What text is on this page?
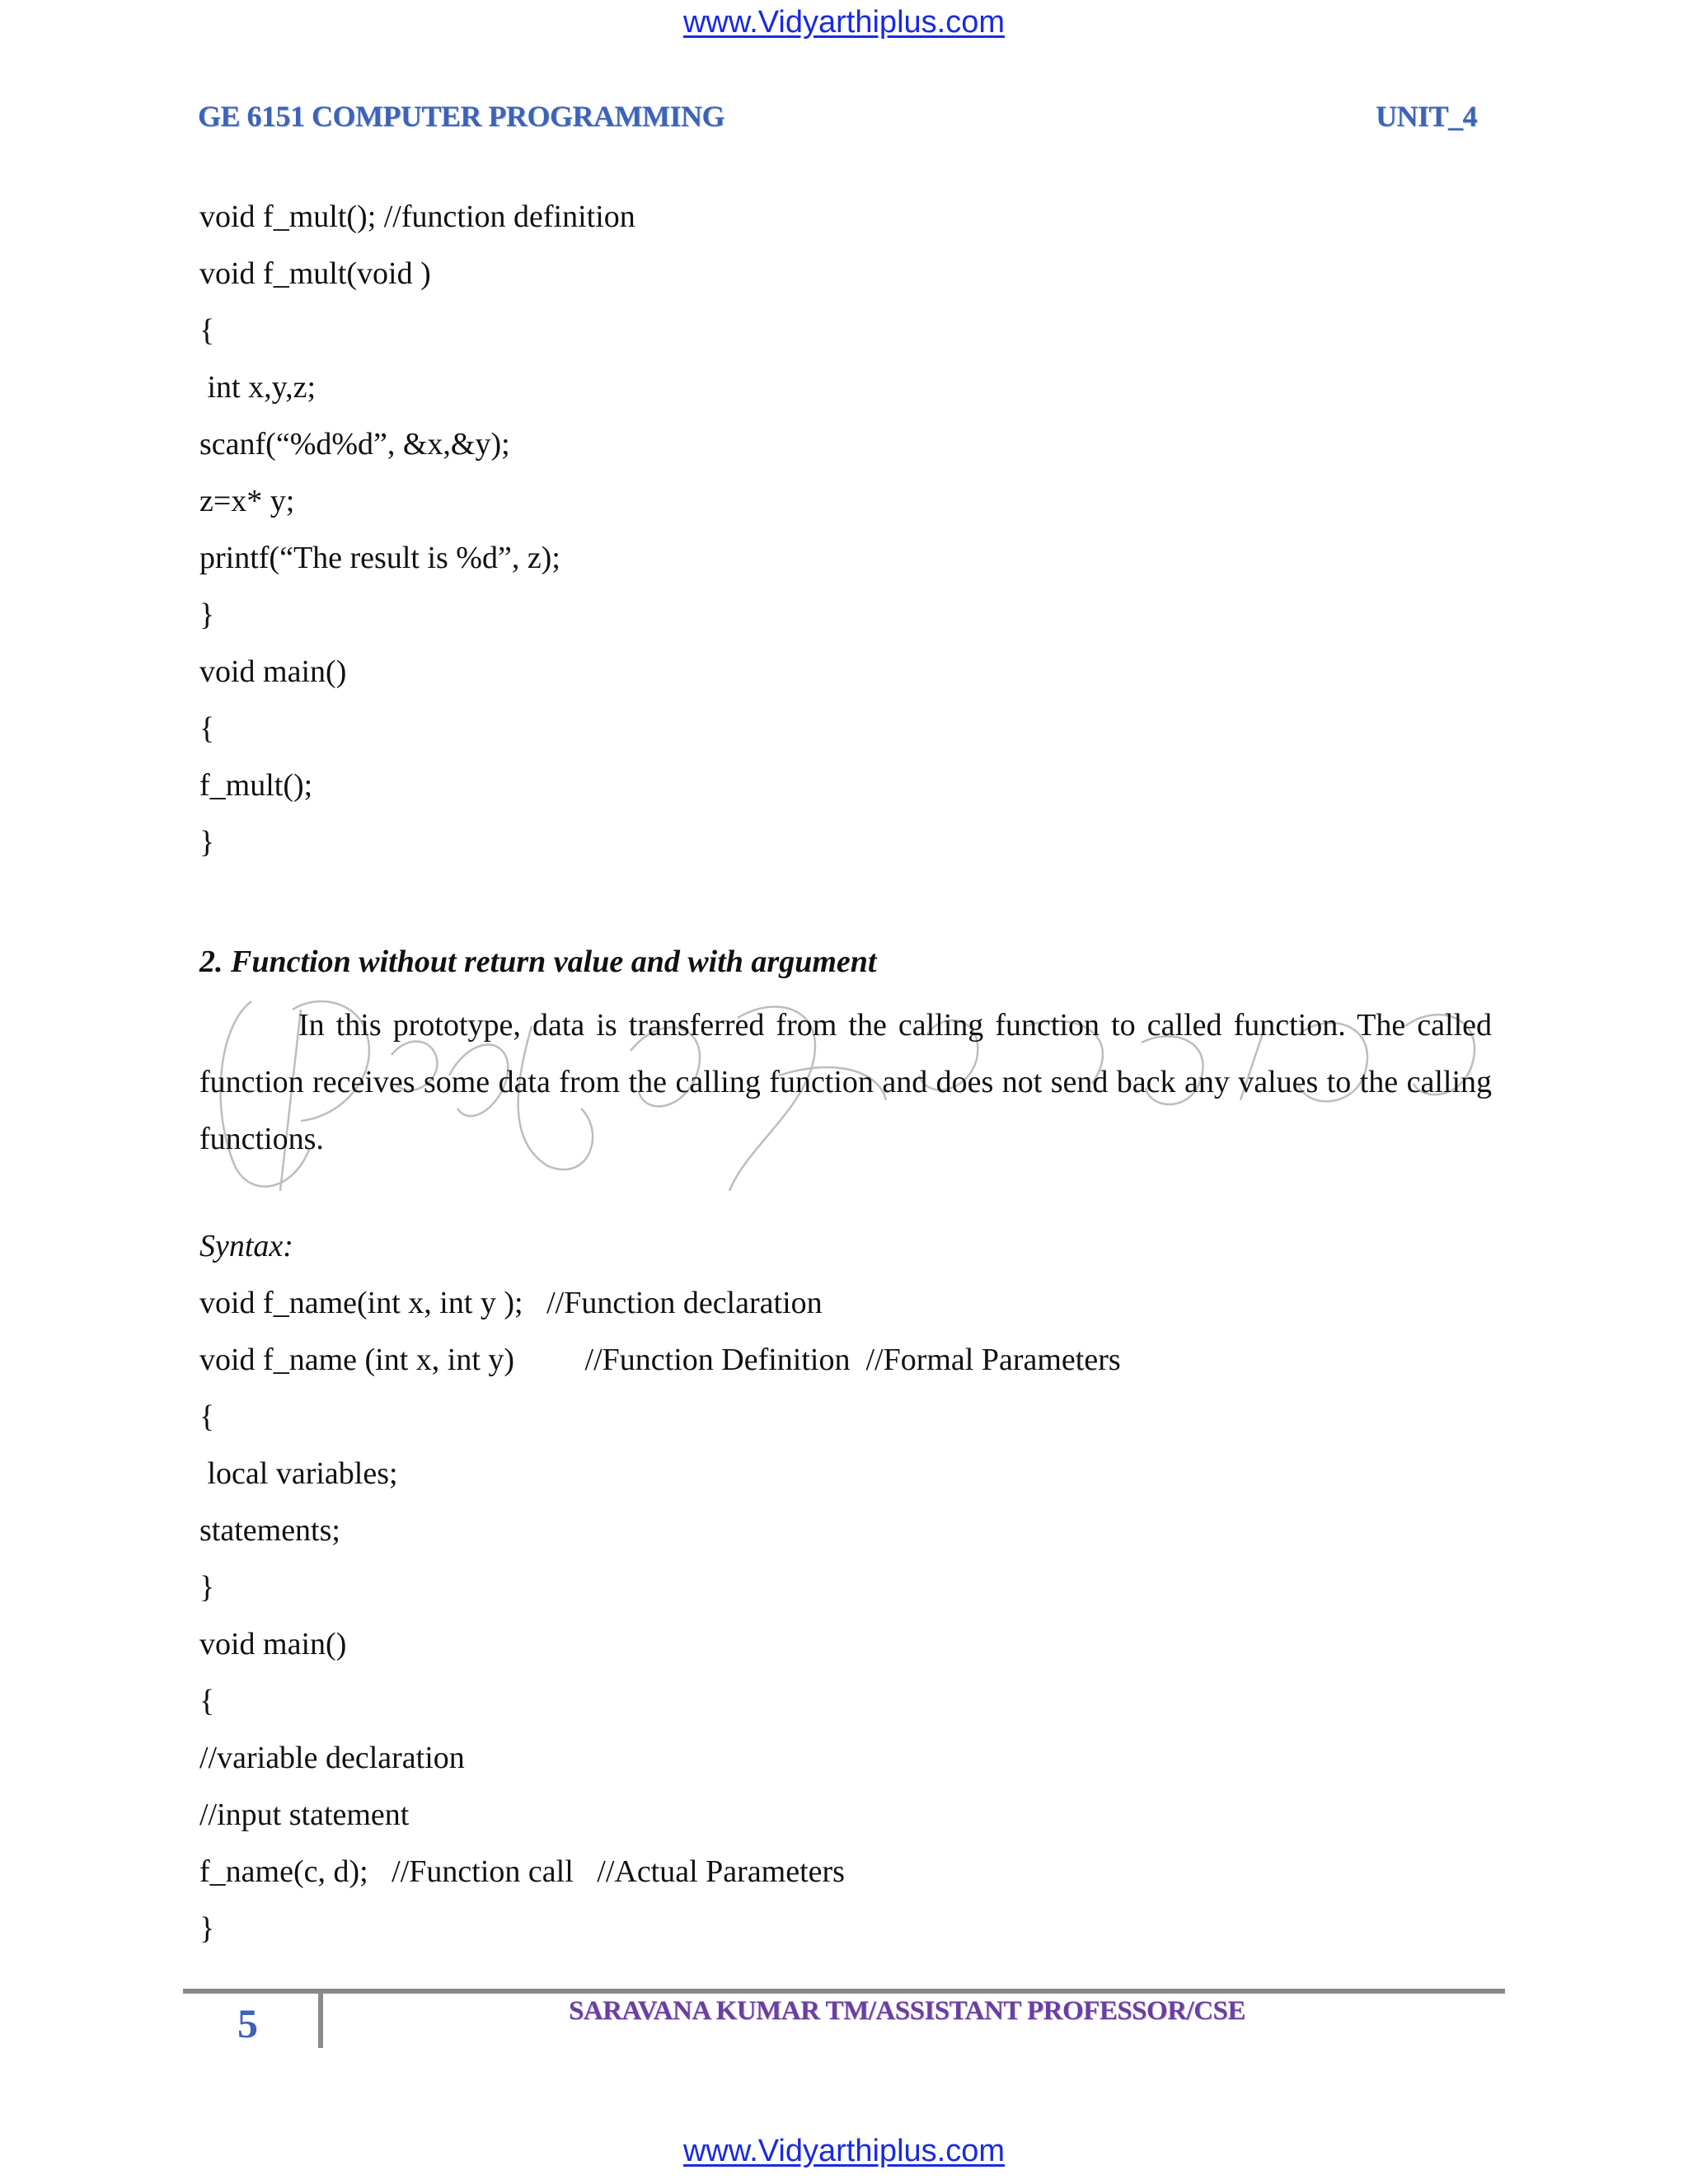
www.Vidyarthiplus.com
GE 6151 COMPUTER PROGRAMMING	UNIT_4
void f_mult(); //function definition
void f_mult(void )
{
int x,y,z;
scanf(“%d%d”, &x,&y);
z=x* y;
printf(“The result is %d”, z);
}
void main()
{
f_mult();
}
2. Function without return value and with argument
In this prototype, data is transferred from the calling function to called function. The called function receives some data from the calling function and does not send back any values to the calling functions.
Syntax:
void f_name(int x, int y );   //Function declaration
void f_name (int x, int y)         //Function Definition  //Formal Parameters
{
local variables;
statements;
}
void main()
{
//variable declaration
//input statement
f_name(c, d);   //Function call   //Actual Parameters
}
5	SARAVANA KUMAR TM/ASSISTANT PROFESSOR/CSE
www.Vidyarthiplus.com
